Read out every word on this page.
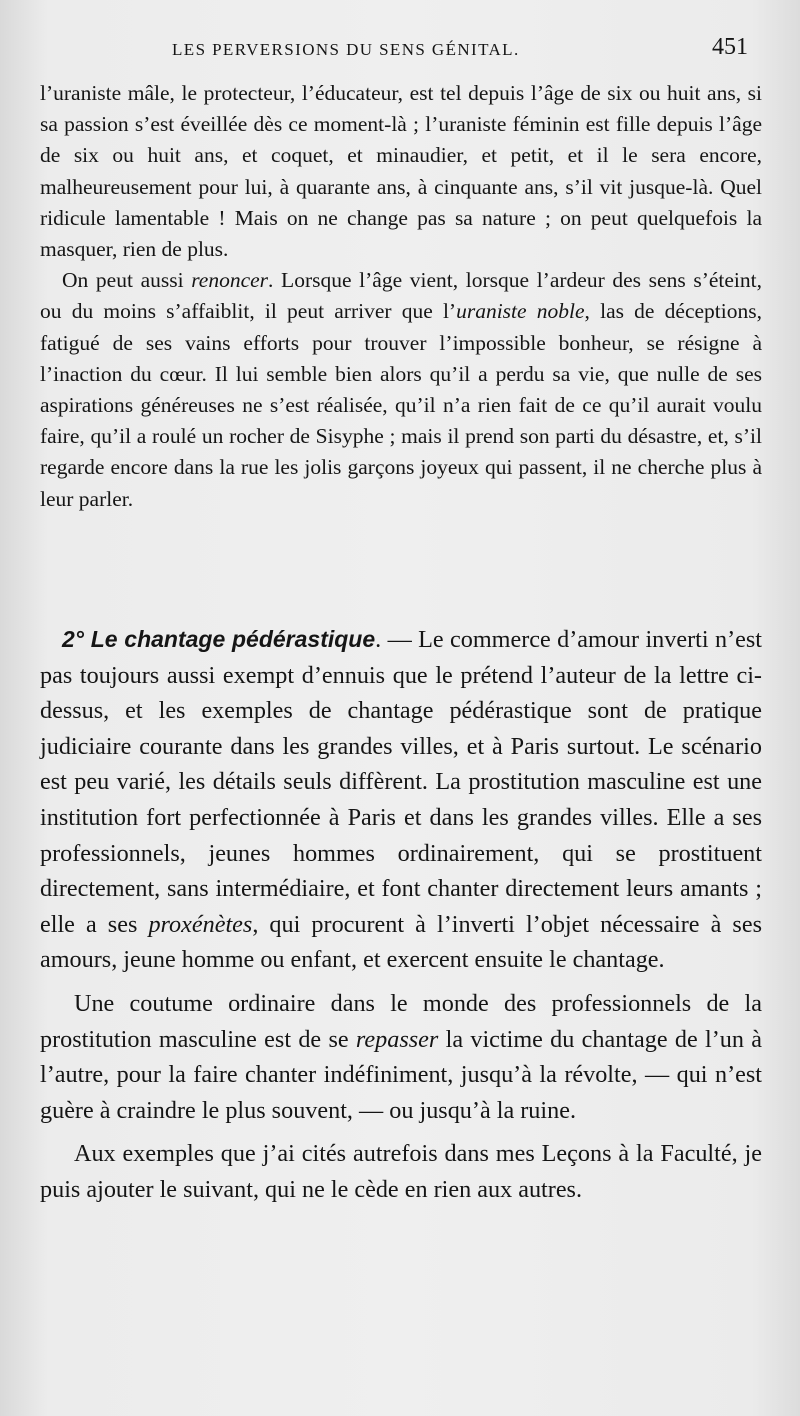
LES PERVERSIONS DU SENS GÉNITAL.	451

l’uraniste mâle, le protecteur, l’éducateur, est tel depuis l’âge de six ou huit ans, si sa passion s’est éveillée dès ce moment-là ; l’uraniste féminin est fille depuis l’âge de six ou huit ans, et coquet, et minaudier, et petit, et il le sera encore, malheureusement pour lui, à quarante ans, à cinquante ans, s’il vit jusque-là. Quel ridicule lamentable ! Mais on ne change pas sa nature ; on peut quelquefois la masquer, rien de plus.

On peut aussi renoncer. Lorsque l’âge vient, lorsque l’ardeur des sens s’éteint, ou du moins s’affaiblit, il peut arriver que l’uraniste noble, las de déceptions, fatigué de ses vains efforts pour trouver l’impossible bonheur, se résigne à l’inaction du cœur. Il lui semble bien alors qu’il a perdu sa vie, que nulle de ses aspirations généreuses ne s’est réalisée, qu’il n’a rien fait de ce qu’il aurait voulu faire, qu’il a roulé un rocher de Sisyphe ; mais il prend son parti du désastre, et, s’il regarde encore dans la rue les jolis garçons joyeux qui passent, il ne cherche plus à leur parler.

2° Le chantage pédérastique. — Le commerce d’amour inverti n’est pas toujours aussi exempt d’ennuis que le prétend l’auteur de la lettre ci-dessus, et les exemples de chantage pédérastique sont de pratique judiciaire courante dans les grandes villes, et à Paris surtout. Le scénario est peu varié, les détails seuls diffèrent. La prostitution masculine est une institution fort perfectionnée à Paris et dans les grandes villes. Elle a ses professionnels, jeunes hommes ordinairement, qui se prostituent directement, sans intermédiaire, et font chanter directement leurs amants ; elle a ses proxénètes, qui procurent à l’inverti l’objet nécessaire à ses amours, jeune homme ou enfant, et exercent ensuite le chantage.

Une coutume ordinaire dans le monde des professionnels de la prostitution masculine est de se repasser la victime du chantage de l’un à l’autre, pour la faire chanter indéfiniment, jusqu’à la révolte, — qui n’est guère à craindre le plus souvent, — ou jusqu’à la ruine.

Aux exemples que j’ai cités autrefois dans mes Leçons à la Faculté, je puis ajouter le suivant, qui ne le cède en rien aux autres.
